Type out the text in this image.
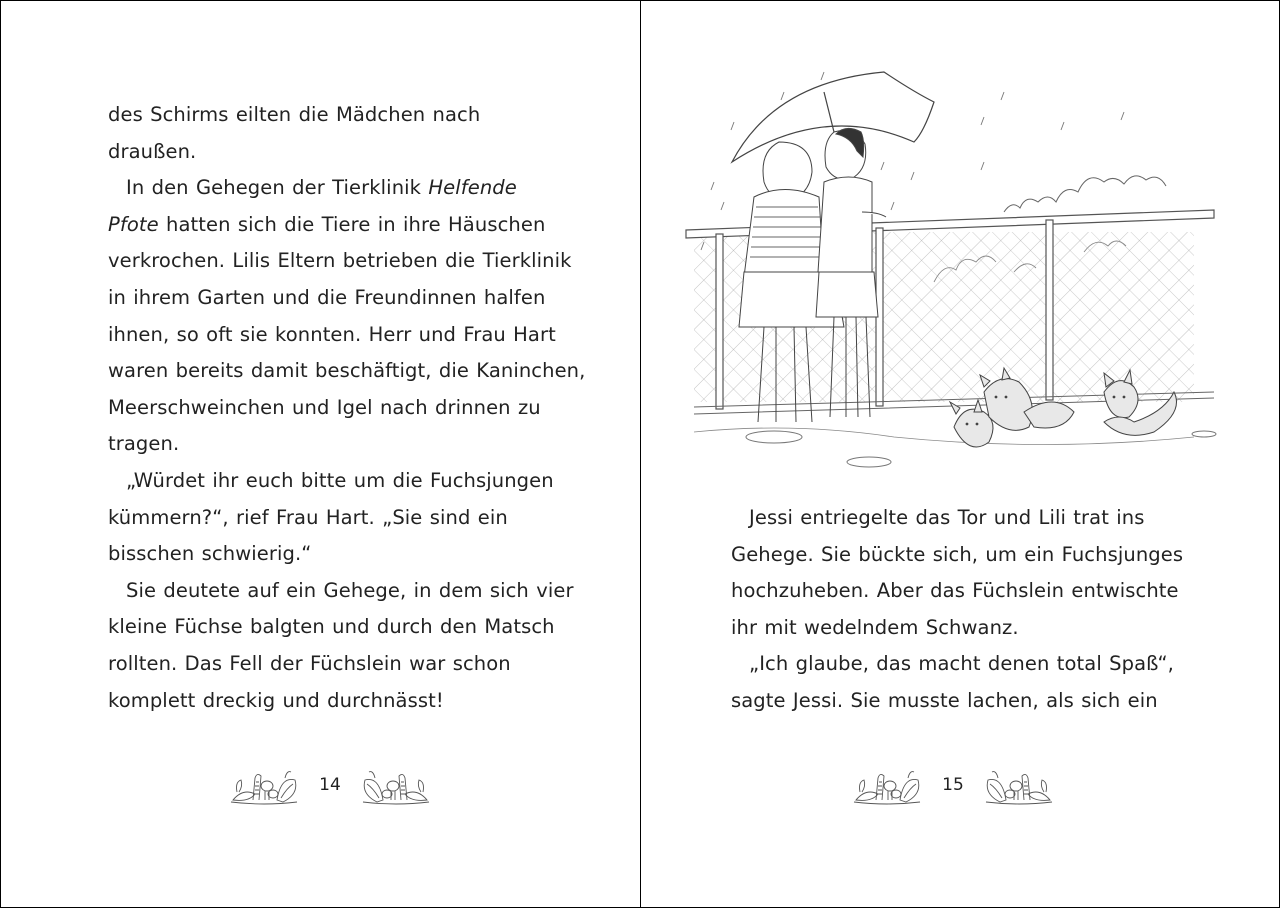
des Schirms eilten die Mädchen nach
draußen.
In den Gehegen der Tierklinik Helfende
Pfote hatten sich die Tiere in ihre Häuschen
verkrochen. Lilis Eltern betrieben die Tierklinik
in ihrem Garten und die Freundinnen halfen
ihnen, so oft sie konnten. Herr und Frau Hart
waren bereits damit beschäftigt, die Kaninchen,
Meerschweinchen und Igel nach drinnen zu
tragen.
„Würdet ihr euch bitte um die Fuchsjungen
kümmern?“, rief Frau Hart. „Sie sind ein
bisschen schwierig.“
Sie deutete auf ein Gehege, in dem sich vier
kleine Füchse balgten und durch den Matsch
rollten. Das Fell der Füchslein war schon
komplett dreckig und durchnässt!
14
Jessi entriegelte das Tor und Lili trat ins
Gehege. Sie bückte sich, um ein Fuchsjunges
hochzuheben. Aber das Füchslein entwischte
ihr mit wedelndem Schwanz.
„Ich glaube, das macht denen total Spaß“,
sagte Jessi. Sie musste lachen, als sich ein
15
